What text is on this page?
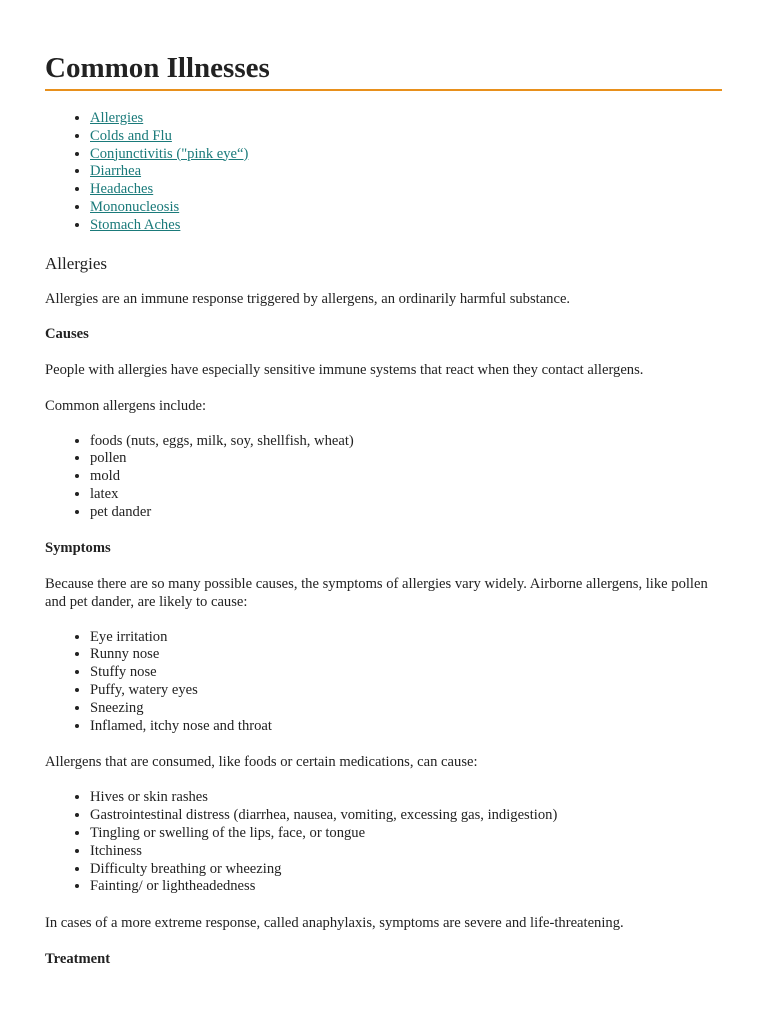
Common Illnesses
• Allergies
• Colds and Flu
• Conjunctivitis ("pink eye“)
• Diarrhea
• Headaches
• Mononucleosis
• Stomach Aches
Allergies

Allergies are an immune response triggered by allergens, an ordinarily harmful substance.

Causes

People with allergies have especially sensitive immune systems that react when they contact allergens.

Common allergens include:

• foods (nuts, eggs, milk, soy, shellfish, wheat)
• pollen
• mold
• latex
• pet dander

Symptoms

Because there are so many possible causes, the symptoms of allergies vary widely. Airborne allergens, like pollen and pet dander, are likely to cause:

• Eye irritation
• Runny nose
• Stuffy nose
• Puffy, watery eyes
• Sneezing
• Inflamed, itchy nose and throat

Allergens that are consumed, like foods or certain medications, can cause:

• Hives or skin rashes
• Gastrointestinal distress (diarrhea, nausea, vomiting, excessing gas, indigestion)
• Tingling or swelling of the lips, face, or tongue
• Itchiness
• Difficulty breathing or wheezing
• Fainting/ or lightheadedness

In cases of a more extreme response, called anaphylaxis, symptoms are severe and life-threatening.

Treatment
